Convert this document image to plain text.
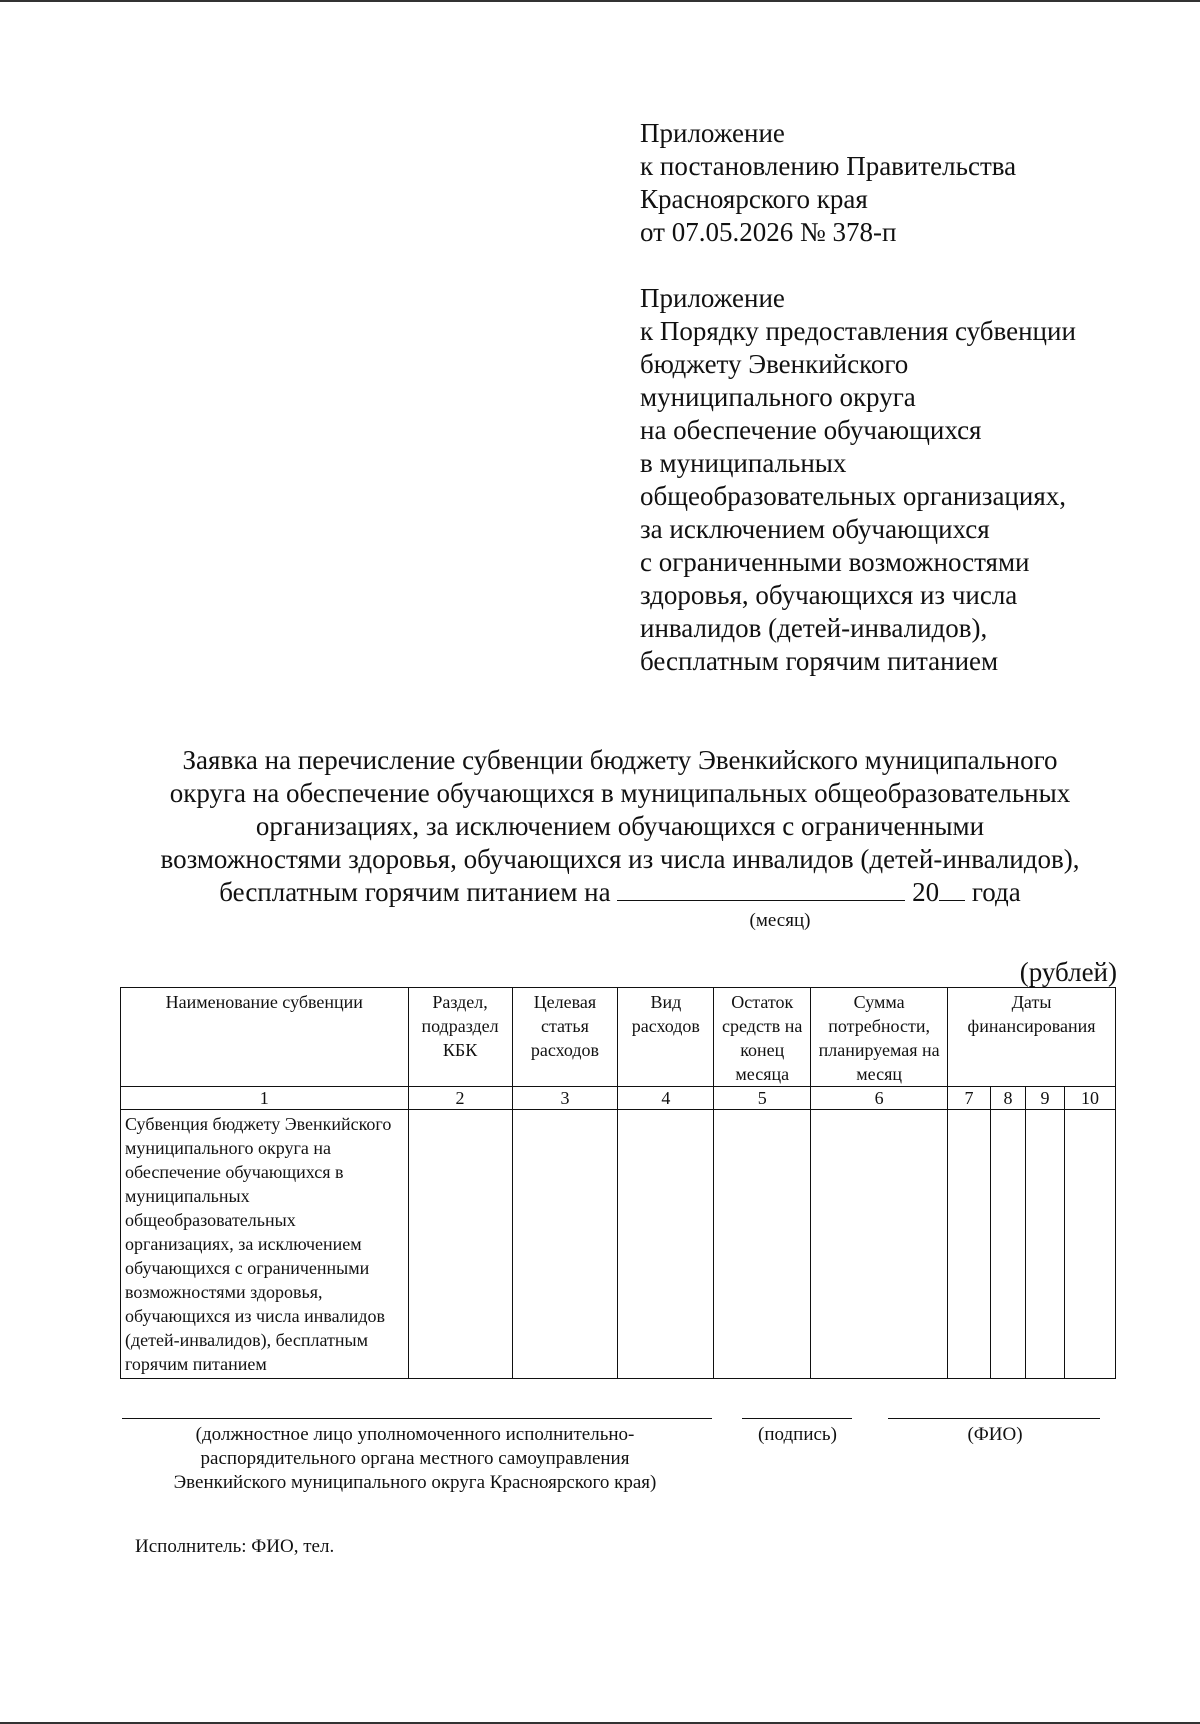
Приложение
к постановлению Правительства
Красноярского края
от 07.05.2026 № 378-п
Приложение
к Порядку предоставления субвенции
бюджету Эвенкийского
муниципального округа
на обеспечение обучающихся
в муниципальных
общеобразовательных организациях,
за исключением обучающихся
с ограниченными возможностями
здоровья, обучающихся из числа
инвалидов (детей-инвалидов),
бесплатным горячим питанием
Заявка на перечисление субвенции бюджету Эвенкийского муниципального
округа на обеспечение обучающихся в муниципальных общеобразовательных
организациях, за исключением обучающихся с ограниченными
возможностями здоровья, обучающихся из числа инвалидов (детей-инвалидов),
бесплатным горячим питанием на	20 года
(месяц)
(рублей)
Наименование субвенции	Раздел, подраздел КБК	Целевая статья расходов	Вид расходов	Остаток средств на конец месяца	Сумма потребности, планируемая на месяц	Даты финансирования			
1	2	3	4	5	6	7	8	9	10
Субвенция бюджету Эвенкийского муниципального округа на обеспечение обучающихся в муниципальных общеобразовательных организациях, за исключением обучающихся с ограниченными возможностями здоровья, обучающихся из числа инвалидов (детей-инвалидов), бесплатным горячим питанием									
(должностное лицо уполномоченного исполнительно-
распорядительного органа местного самоуправления
Эвенкийского муниципального округа Красноярского края)
(подпись)	(ФИО)
Исполнитель: ФИО, тел.
